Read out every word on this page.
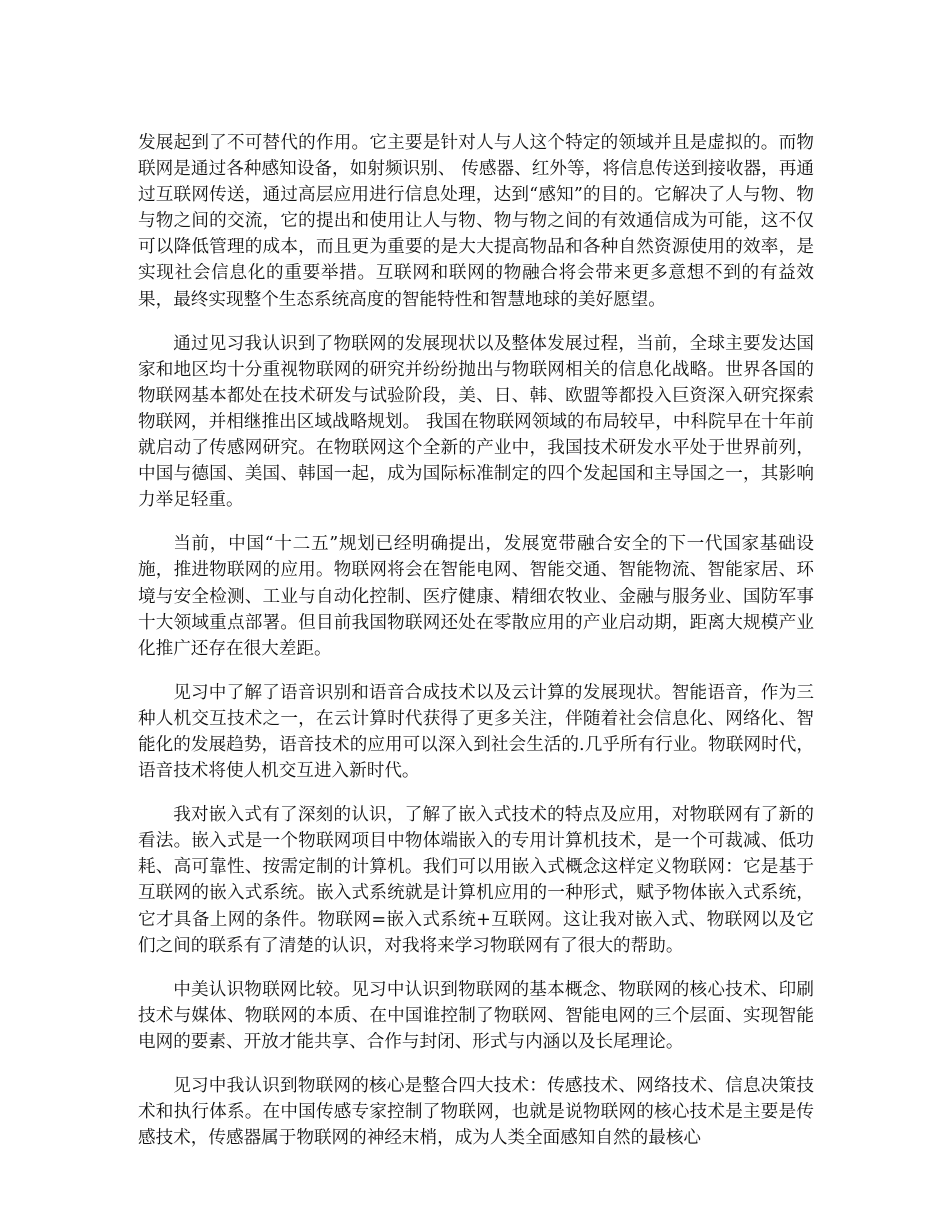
发展起到了不可替代的作用。它主要是针对人与人这个特定的领域并且是虚拟的。而物联网是通过各种感知设备，如射频识别、 传感器、红外等，将信息传送到接收器，再通过互联网传送，通过高层应用进行信息处理，达到“感知”的目的。它解决了人与物、物与物之间的交流，它的提出和使用让人与物、物与物之间的有效通信成为可能，这不仅可以降低管理的成本，而且更为重要的是大大提高物品和各种自然资源使用的效率，是实现社会信息化的重要举措。互联网和联网的物融合将会带来更多意想不到的有益效果，最终实现整个生态系统高度的智能特性和智慧地球的美好愿望。

通过见习我认识到了物联网的发展现状以及整体发展过程，当前，全球主要发达国家和地区均十分重视物联网的研究并纷纷抛出与物联网相关的信息化战略。世界各国的物联网基本都处在技术研发与试验阶段，美、日、韩、欧盟等都投入巨资深入研究探索物联网，并相继推出区域战略规划。 我国在物联网领域的布局较早，中科院早在十年前就启动了传感网研究。在物联网这个全新的产业中，我国技术研发水平处于世界前列，中国与德国、美国、韩国一起，成为国际标准制定的四个发起国和主导国之一，其影响力举足轻重。

当前，中国“十二五”规划已经明确提出，发展宽带融合安全的下一代国家基础设施，推进物联网的应用。物联网将会在智能电网、智能交通、智能物流、智能家居、环境与安全检测、工业与自动化控制、医疗健康、精细农牧业、金融与服务业、国防军事十大领域重点部署。但目前我国物联网还处在零散应用的产业启动期，距离大规模产业化推广还存在很大差距。

见习中了解了语音识别和语音合成技术以及云计算的发展现状。智能语音，作为三种人机交互技术之一，在云计算时代获得了更多关注，伴随着社会信息化、网络化、智能化的发展趋势，语音技术的应用可以深入到社会生活的.几乎所有行业。物联网时代，语音技术将使人机交互进入新时代。

我对嵌入式有了深刻的认识，了解了嵌入式技术的特点及应用，对物联网有了新的看法。嵌入式是一个物联网项目中物体端嵌入的专用计算机技术，是一个可裁减、低功耗、高可靠性、按需定制的计算机。我们可以用嵌入式概念这样定义物联网：它是基于互联网的嵌入式系统。嵌入式系统就是计算机应用的一种形式，赋予物体嵌入式系统，它才具备上网的条件。物联网=嵌入式系统+互联网。这让我对嵌入式、物联网以及它们之间的联系有了清楚的认识，对我将来学习物联网有了很大的帮助。

中美认识物联网比较。见习中认识到物联网的基本概念、物联网的核心技术、印刷技术与媒体、物联网的本质、在中国谁控制了物联网、智能电网的三个层面、实现智能电网的要素、开放才能共享、合作与封闭、形式与内涵以及长尾理论。

见习中我认识到物联网的核心是整合四大技术：传感技术、网络技术、信息决策技术和执行体系。在中国传感专家控制了物联网，也就是说物联网的核心技术是主要是传感技术，传感器属于物联网的神经末梢，成为人类全面感知自然的最核心
